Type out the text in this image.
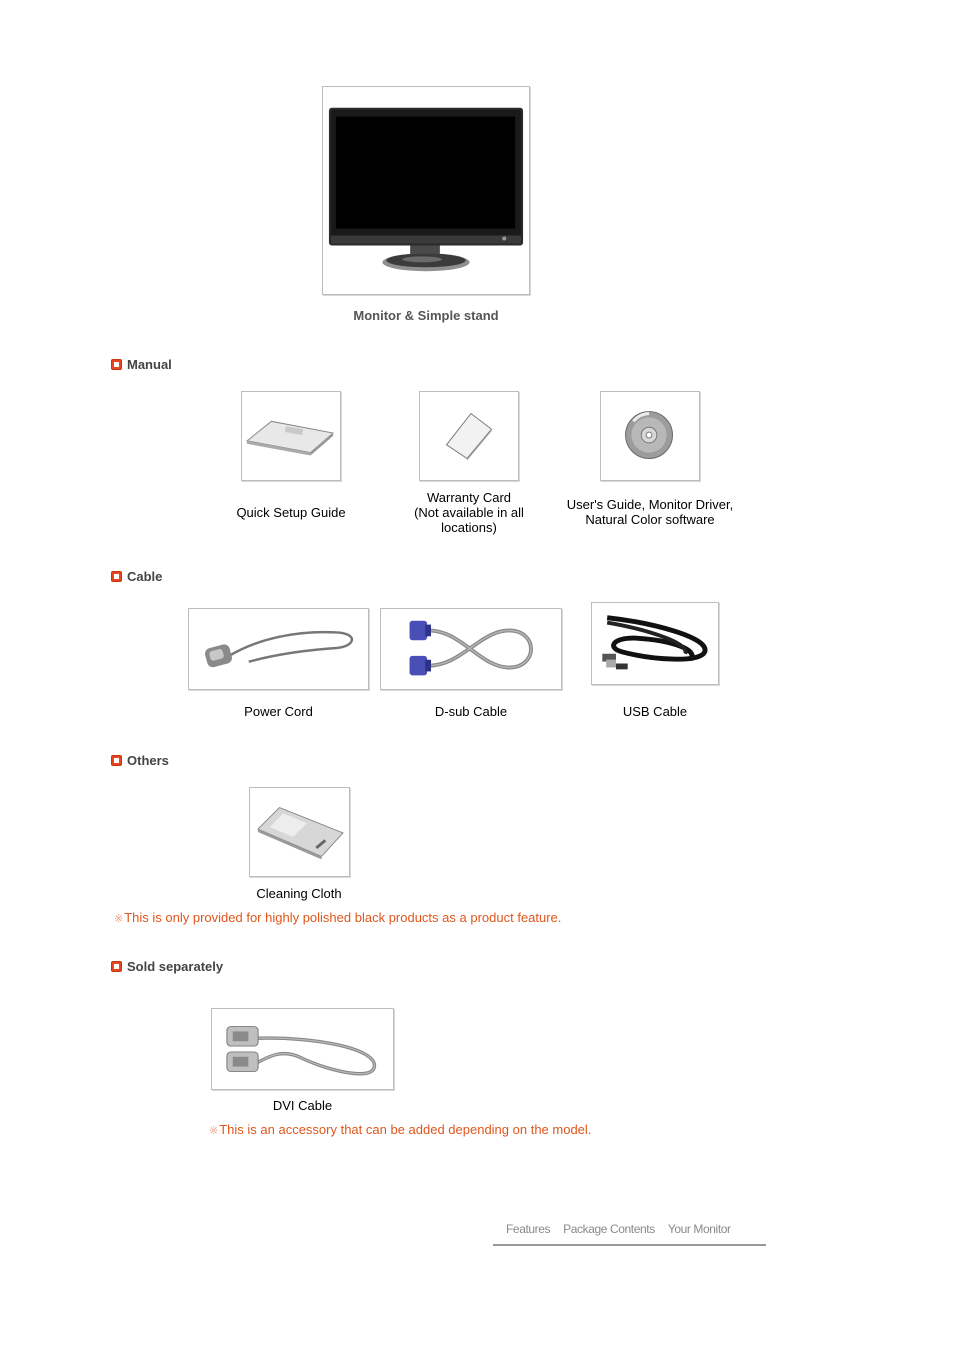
Monitor & Simple stand
Manual
Quick Setup Guide
Warranty Card
(Not available in all
locations)
User's Guide, Monitor Driver,
Natural Color software
Cable
Power Cord	D-sub Cable	USB Cable
Others
Cleaning Cloth
※This is only provided for highly polished black products as a product feature.
Sold separately
DVI Cable
※This is an accessory that can be added depending on the model.
Features Package Contents Your Monitor
